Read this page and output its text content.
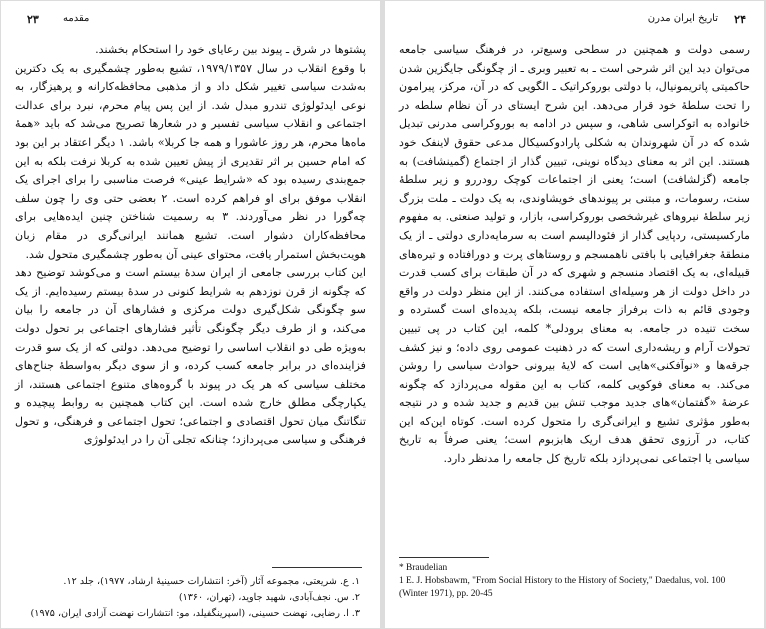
۲۳ مقدمه

پشتوها در شرق ـ پیوند بین رعایای خود را استحکام بخشند.

با وقوع انقلاب در سال ۱۹۷۹/۱۳۵۷، تشیع به‌طور چشمگیری به یک دکترین به‌شدت سیاسی تغییر شکل داد و از مذهبی محافظه‌کارانه و پرهیزگار، به نوعی ایدئولوژی تندرو مبدل شد. از این پس پیام محرم، نبرد برای عدالت اجتماعی و انقلاب سیاسی تفسیر و در شعارها تصریح می‌شد که باید «همهٔ ماه‌ها محرم، هر روز عاشورا و همه جا کربلا» باشد. ۱ دیگر اعتقاد بر این بود که امام حسین بر اثر تقدیری از پیش تعیین شده به کربلا نرفت بلکه به این جمع‌بندی رسیده بود که «شرایط عینی» فرصت مناسبی را برای اجرای یک انقلاب موفق برای او فراهم کرده است. ۲ بعضی حتی وی را چون سلف چه‌گورا در نظر می‌آوردند. ۳ به رسمیت شناختن چنین ایده‌هایی برای محافظه‌کاران دشوار است. تشیع همانند ایرانی‌گری در مقام زبان هویت‌بخش استمرار یافت، محتوای عینی آن به‌طور چشمگیری متحول شد.

این کتاب بررسی جامعی از ایران سدهٔ بیستم است و می‌کوشد توضیح دهد که چگونه از قرن نوزدهم به شرایط کنونی در سدهٔ بیستم رسیده‌ایم. از یک سو چگونگی شکل‌گیری دولت مرکزی و فشارهای آن در جامعه را بیان می‌کند، و از طرف دیگر چگونگی تأثیر فشارهای اجتماعی بر تحول دولت به‌ویژه طی دو انقلاب اساسی را توضیح می‌دهد. دولتی که از یک سو قدرت فزاینده‌ای در برابر جامعه کسب کرده، و از سوی دیگر به‌واسطهٔ جناح‌های مختلف سیاسی که هر یک در پیوند با گروه‌های متنوع اجتماعی هستند، از یکپارچگی مطلق خارج شده است. این کتاب همچنین به روابط پیچیده و تنگاتنگ میان تحول اقتصادی و اجتماعی؛ تحول اجتماعی و فرهنگی، و تحول فرهنگی و سیاسی می‌پردازد؛ چنانکه تجلی آن را در ایدئولوژی

۱. ع. شریعتی، مجموعه آثار (آخر: انتشارات حسینیهٔ ارشاد، ۱۹۷۷)، جلد ۱۲.

۲. س. نجف‌آبادی، شهید جاوید، (تهران، ۱۳۶۰)

۳. ا. رضایی، نهضت حسینی، (اسپرینگفیلد، مو: انتشارات نهضت آزادی ایران، ۱۹۷۵)

۲۴
تاریخ ایران مدرن

رسمی دولت و همچنین در سطحی وسیع‌تر، در فرهنگ سیاسی جامعه می‌توان دید این اثر شرحی است ـ به تعبیر وبری ـ از چگونگی جایگزین شدن حاکمیتی پاتریمونیال، با دولتی بوروکراتیک ـ الگویی که در آن، مرکز، پیرامون را تحت سلطهٔ خود قرار می‌دهد. این شرح ایستای در آن نظام سلطه در خانواده به اتوکراسی شاهی، و سپس در ادامه به بوروکراسی مدرنی تبدیل شده که در آن شهروندان به شکلی پارادوکسیکال مدعی حقوق لاینفک خود هستند. این اثر به معنای دیدگاه نوینی، تبیین گذار از اجتماع (گمینشافت) به جامعه (گزلشافت) است؛ یعنی از اجتماعات کوچک رودررو و زیر سلطهٔ سنت، رسومات، و مبتنی بر پیوندهای خویشاوندی، به یک دولت ـ ملت بزرگ زیر سلطهٔ نیروهای غیرشخصی بوروکراسی، بازار، و تولید صنعتی. به مفهوم مارکسیستی، ردپایی گذار از فئودالیسم است به سرمایه‌داری دولتی ـ از یک منطقهٔ جغرافیایی با بافتی ناهمسجم و روستاهای پرت و دورافتاده و تیره‌های قبیله‌ای، به یک اقتصاد منسجم و شهری که در آن طبقات برای کسب قدرت در داخل دولت از هر وسیله‌ای استفاده می‌کنند. از این منظر دولت در واقع وجودی قائم به ذات برفراز جامعه نیست، بلکه پدیده‌ای است گسترده و سخت تنیده در جامعه. به معنای برودلی* کلمه، این کتاب در پی تبیین تحولات آرام و ریشه‌داری است که در ذهنیت عمومی روی داده؛ و نیز کشف جرقه‌ها و «نوآفکنی»هایی است که لایهٔ بیرونی حوادث سیاسی را روشن می‌کند. به معنای فوکویی کلمه، کتاب به این مقوله می‌پردازد که چگونه عرضهٔ «گفتمان»های جدید موجب تنش بین قدیم و جدید شده و در نتیجه به‌طور مؤثری تشیع و ایرانی‌گری را متحول کرده است. کوتاه این‌که این کتاب، در آرزوی تحقق هدف اریک هابزبوم است؛ یعنی صرفاً به تاریخ سیاسی یا اجتماعی نمی‌پردازد بلکه تاریخ کل جامعه را مدنظر دارد.

* Braudelian

1 E. J. Hobsbawm, "From Social History to the History of Society," Daedalus, vol. 100 (Winter 1971), pp. 20-45
